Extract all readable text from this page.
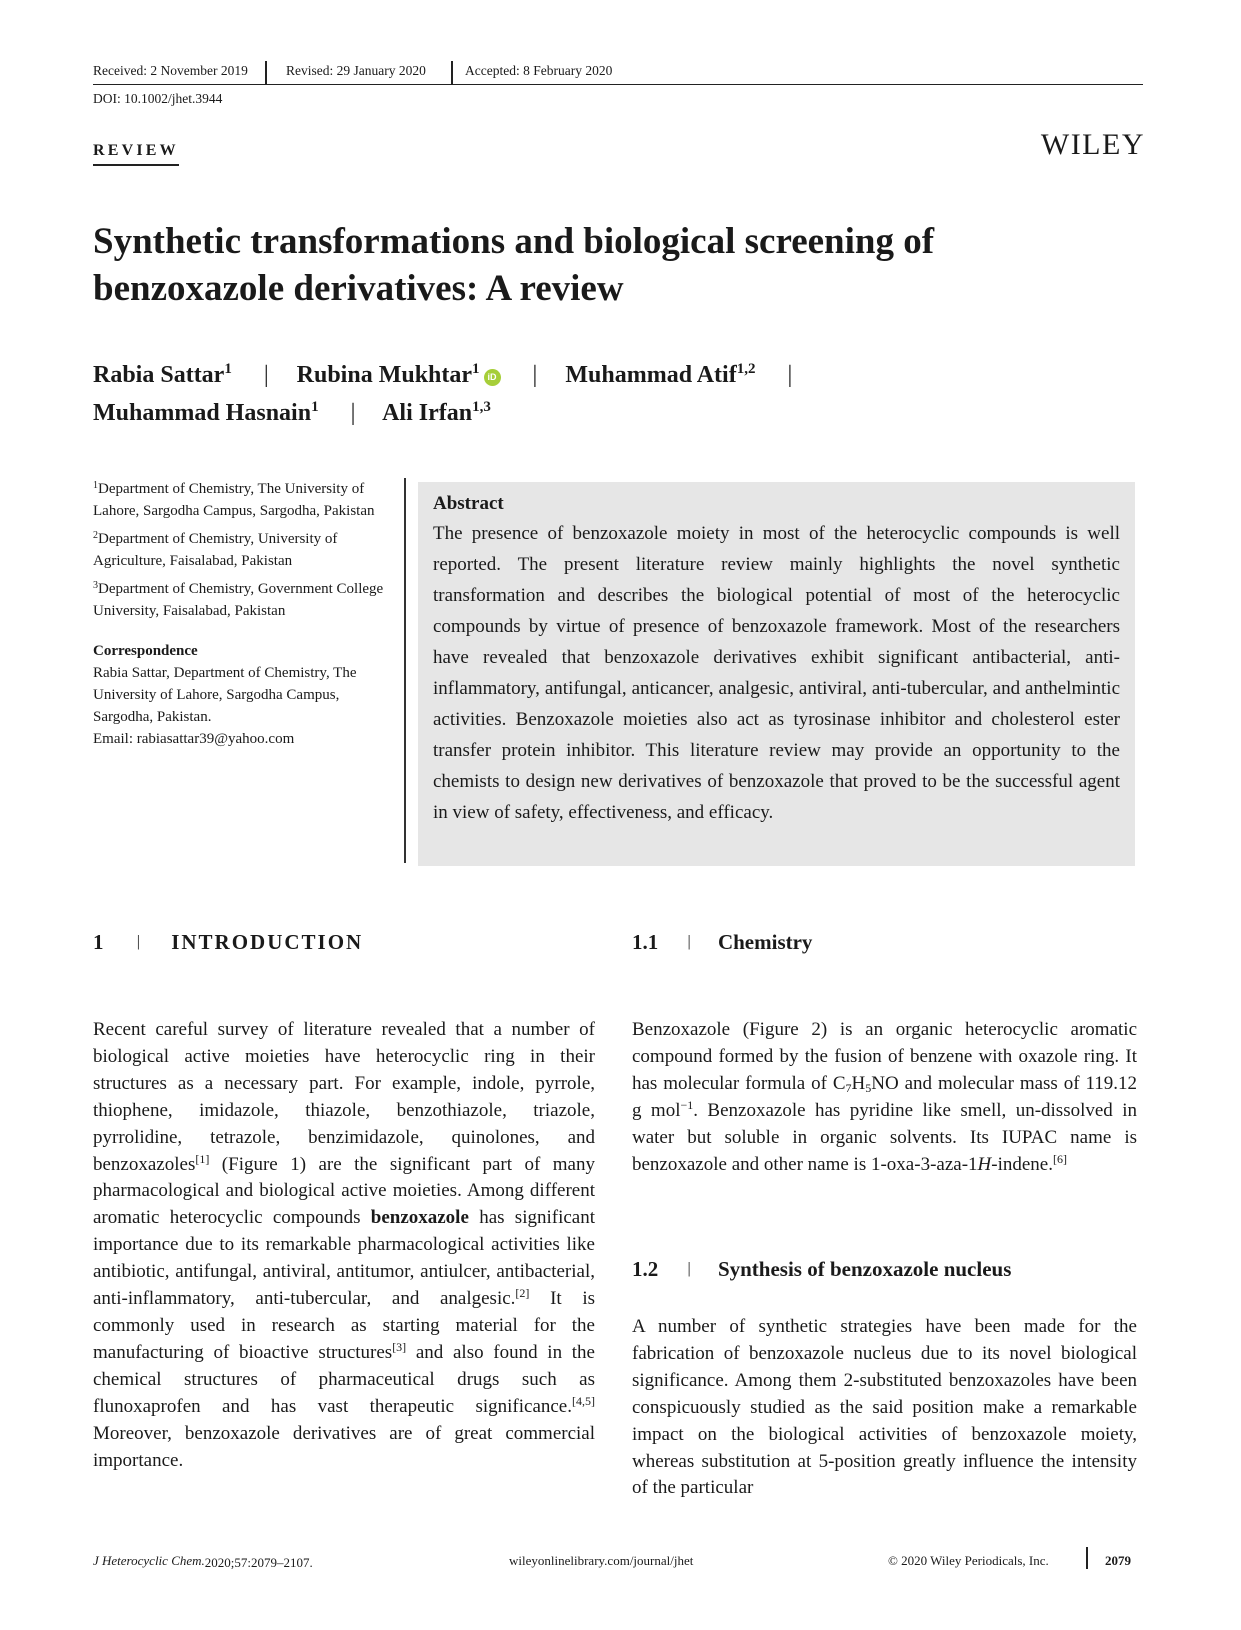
Received: 2 November 2019	Revised: 29 January 2020	Accepted: 8 February 2020
DOI: 10.1002/jhet.3944
REVIEW	WILEY
Synthetic transformations and biological screening of
benzoxazole derivatives: A review
Rabia Sattar$^1$ | Rubina Mukhtar$^1$ iD | Muhammad Atif$^{1,2}$ |
Muhammad Hasnain$^1$ | Ali Irfan$^{1,3}$

$^1$Department of Chemistry, The University of Lahore, Sargodha Campus, Sargodha, Pakistan

$^2$Department of Chemistry, University of Agriculture, Faisalabad, Pakistan

$^3$Department of Chemistry, Government College University, Faisalabad, Pakistan

Correspondence
Rabia Sattar, Department of Chemistry, The University of Lahore, Sargodha Campus, Sargodha, Pakistan.
Email: rabiasattar39@yahoo.com
Abstract
The presence of benzoxazole moiety in most of the heterocyclic compounds is well reported. The present literature review mainly highlights the novel synthetic transformation and describes the biological potential of most of the heterocyclic compounds by virtue of presence of benzoxazole framework. Most of the researchers have revealed that benzoxazole derivatives exhibit significant antibacterial, anti-inflammatory, antifungal, anticancer, analgesic, antiviral, anti-tubercular, and anthelmintic activities. Benzoxazole moieties also act as tyrosinase inhibitor and cholesterol ester transfer protein inhibitor. This literature review may provide an opportunity to the chemists to design new derivatives of benzoxazole that proved to be the successful agent in view of safety, effectiveness, and efficacy.
1 | INTRODUCTION
Recent careful survey of literature revealed that a number of biological active moieties have heterocyclic ring in their structures as a necessary part. For example, indole, pyrrole, thiophene, imidazole, thiazole, benzothiazole, triazole, pyrrolidine, tetrazole, benzimidazole, quinolones, and benzoxazoles[1] (Figure 1) are the significant part of many pharmacological and biological active moieties. Among different aromatic heterocyclic compounds benzoxazole has significant importance due to its remarkable pharmacological activities like antibiotic, antifungal, antiviral, antitumor, antiulcer, antibacterial, anti-inflammatory, anti-tubercular, and analgesic.[2] It is commonly used in research as starting material for the manufacturing of bioactive structures[3] and also found in the chemical structures of pharmaceutical drugs such as flunoxaprofen and has vast therapeutic significance.[4,5] Moreover, benzoxazole derivatives are of great commercial importance.
1.1 | Chemistry
Benzoxazole (Figure 2) is an organic heterocyclic aromatic compound formed by the fusion of benzene with oxazole ring. It has molecular formula of $C_7H_5NO$ and molecular mass of 119.12 g mol$^{-1}$. Benzoxazole has pyridine like smell, un-dissolved in water but soluble in organic solvents. Its IUPAC name is benzoxazole and other name is 1-oxa-3-aza-1H-indene.[6]
1.2 | Synthesis of benzoxazole nucleus
A number of synthetic strategies have been made for the fabrication of benzoxazole nucleus due to its novel biological significance. Among them 2-substituted benzoxazoles have been conspicuously studied as the said position make a remarkable impact on the biological activities of benzoxazole moiety, whereas substitution at 5-position greatly influence the intensity of the particular
J Heterocyclic Chem. 2020;57:2079–2107.	wileyonlinelibrary.com/journal/jhet	© 2020 Wiley Periodicals, Inc.	2079
